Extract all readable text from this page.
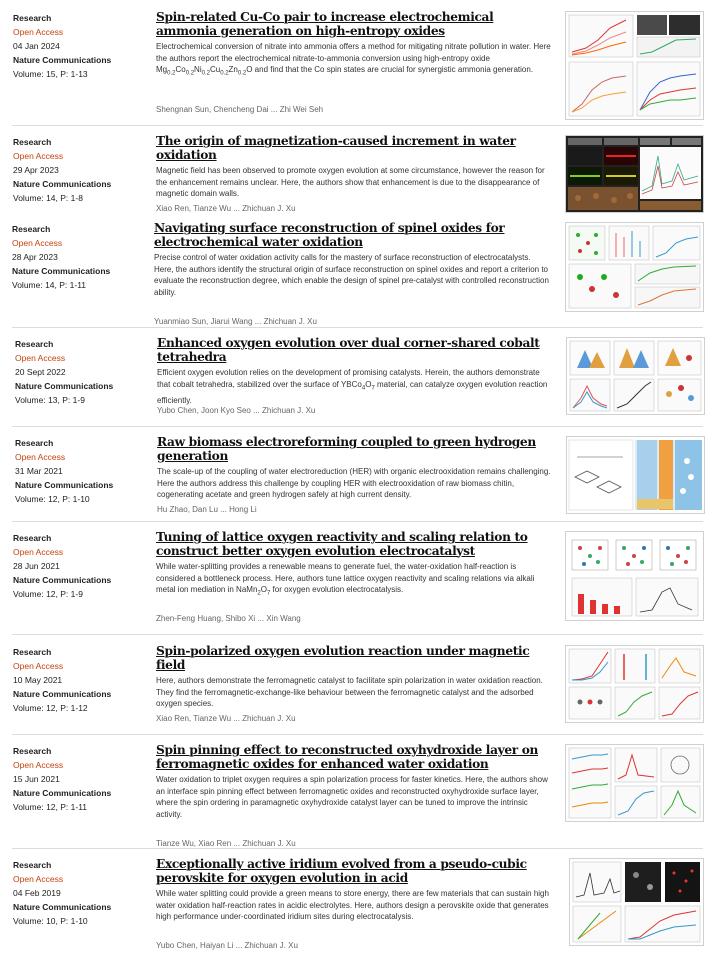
Research
Open Access
04 Jan 2024
Nature Communications
Volume: 15, P: 1-13
Spin-related Cu-Co pair to increase electrochemical ammonia generation on high-entropy oxides
Electrochemical conversion of nitrate into ammonia offers a method for mitigating nitrate pollution in water. Here the authors report the electrochemical nitrate-to-ammonia conversion using high-entropy oxide $Mg_{0.2}Co_{0.2}Ni_{0.2}Cu_{0.2}Zn_{0.2}O$ and find that the Co spin states are crucial for synergistic ammonia generation.
Shengnan Sun, Chencheng Dai ... Zhi Wei Seh
Research
Open Access
29 Apr 2023
Nature Communications
Volume: 14, P: 1-8
The origin of magnetization-caused increment in water oxidation
Magnetic field has been observed to promote oxygen evolution at some circumstance, however the reason for the enhancement remains unclear. Here, the authors show that enhancement is due to the disappearance of magnetic domain walls.
Xiao Ren, Tianze Wu ... Zhichuan J. Xu
Research
Open Access
28 Apr 2023
Nature Communications
Volume: 14, P: 1-11
Navigating surface reconstruction of spinel oxides for electrochemical water oxidation
Precise control of water oxidation activity calls for the mastery of surface reconstruction of electrocatalysts. Here, the authors identify the structural origin of surface reconstruction on spinel oxides and report a criterion to evaluate the reconstruction degree, which enable the design of spinel pre-catalyst with controlled reconstruction ability.
Yuanmiao Sun, Jiarui Wang ... Zhichuan J. Xu
Research
Open Access
20 Sept 2022
Nature Communications
Volume: 13, P: 1-9
Enhanced oxygen evolution over dual corner-shared cobalt tetrahedra
Efficient oxygen evolution relies on the development of promising catalysts. Herein, the authors demonstrate that cobalt tetrahedra, stabilized over the surface of $YBCo_4O_7$ material, can catalyze oxygen evolution reaction efficiently.
Yubo Chen, Joon Kyo Seo ... Zhichuan J. Xu
Research
Open Access
31 Mar 2021
Nature Communications
Volume: 12, P: 1-10
Raw biomass electroreforming coupled to green hydrogen generation
The scale-up of the coupling of water electroreduction (HER) with organic electrooxidation remains challenging. Here the authors address this challenge by coupling HER with electrooxidation of raw biomass chitin, cogenerating acetate and green hydrogen safely at high current density.
Hu Zhao, Dan Lu ... Hong Li
Research
Open Access
28 Jun 2021
Nature Communications
Volume: 12, P: 1-9
Tuning of lattice oxygen reactivity and scaling relation to construct better oxygen evolution electrocatalyst
While water-splitting provides a renewable means to generate fuel, the water-oxidation half-reaction is considered a bottleneck process. Here, authors tune lattice oxygen reactivity and scaling relations via alkali metal ion mediation in $NaMn_2O_7$ for oxygen evolution electrocatalysis.
Zhen-Feng Huang, Shibo Xi ... Xin Wang
Research
Open Access
10 May 2021
Nature Communications
Volume: 12, P: 1-12
Spin-polarized oxygen evolution reaction under magnetic field
Here, authors demonstrate the ferromagnetic catalyst to facilitate spin polarization in water oxidation reaction. They find the ferromagnetic-exchange-like behaviour between the ferromagnetic catalyst and the adsorbed oxygen species.
Xiao Ren, Tianze Wu ... Zhichuan J. Xu
Research
Open Access
15 Jun 2021
Nature Communications
Volume: 12, P: 1-11
Spin pinning effect to reconstructed oxyhydroxide layer on ferromagnetic oxides for enhanced water oxidation
Water oxidation to triplet oxygen requires a spin polarization process for faster kinetics. Here, the authors show an interface spin pinning effect between ferromagnetic oxides and reconstructed oxyhydroxide surface layer, where the spin ordering in paramagnetic oxyhydroxide catalyst layer can be tuned to improve the intrinsic activity.
Tianze Wu, Xiao Ren ... Zhichuan J. Xu
Research
Open Access
04 Feb 2019
Nature Communications
Volume: 10, P: 1-10
Exceptionally active iridium evolved from a pseudo-cubic perovskite for oxygen evolution in acid
While water splitting could provide a green means to store energy, there are few materials that can sustain high water oxidation half-reaction rates in acidic electrolytes. Here, authors design a perovskite oxide that generates high performance under-coordinated iridium sites during electrocatalysis.
Yubo Chen, Haiyan Li ... Zhichuan J. Xu
